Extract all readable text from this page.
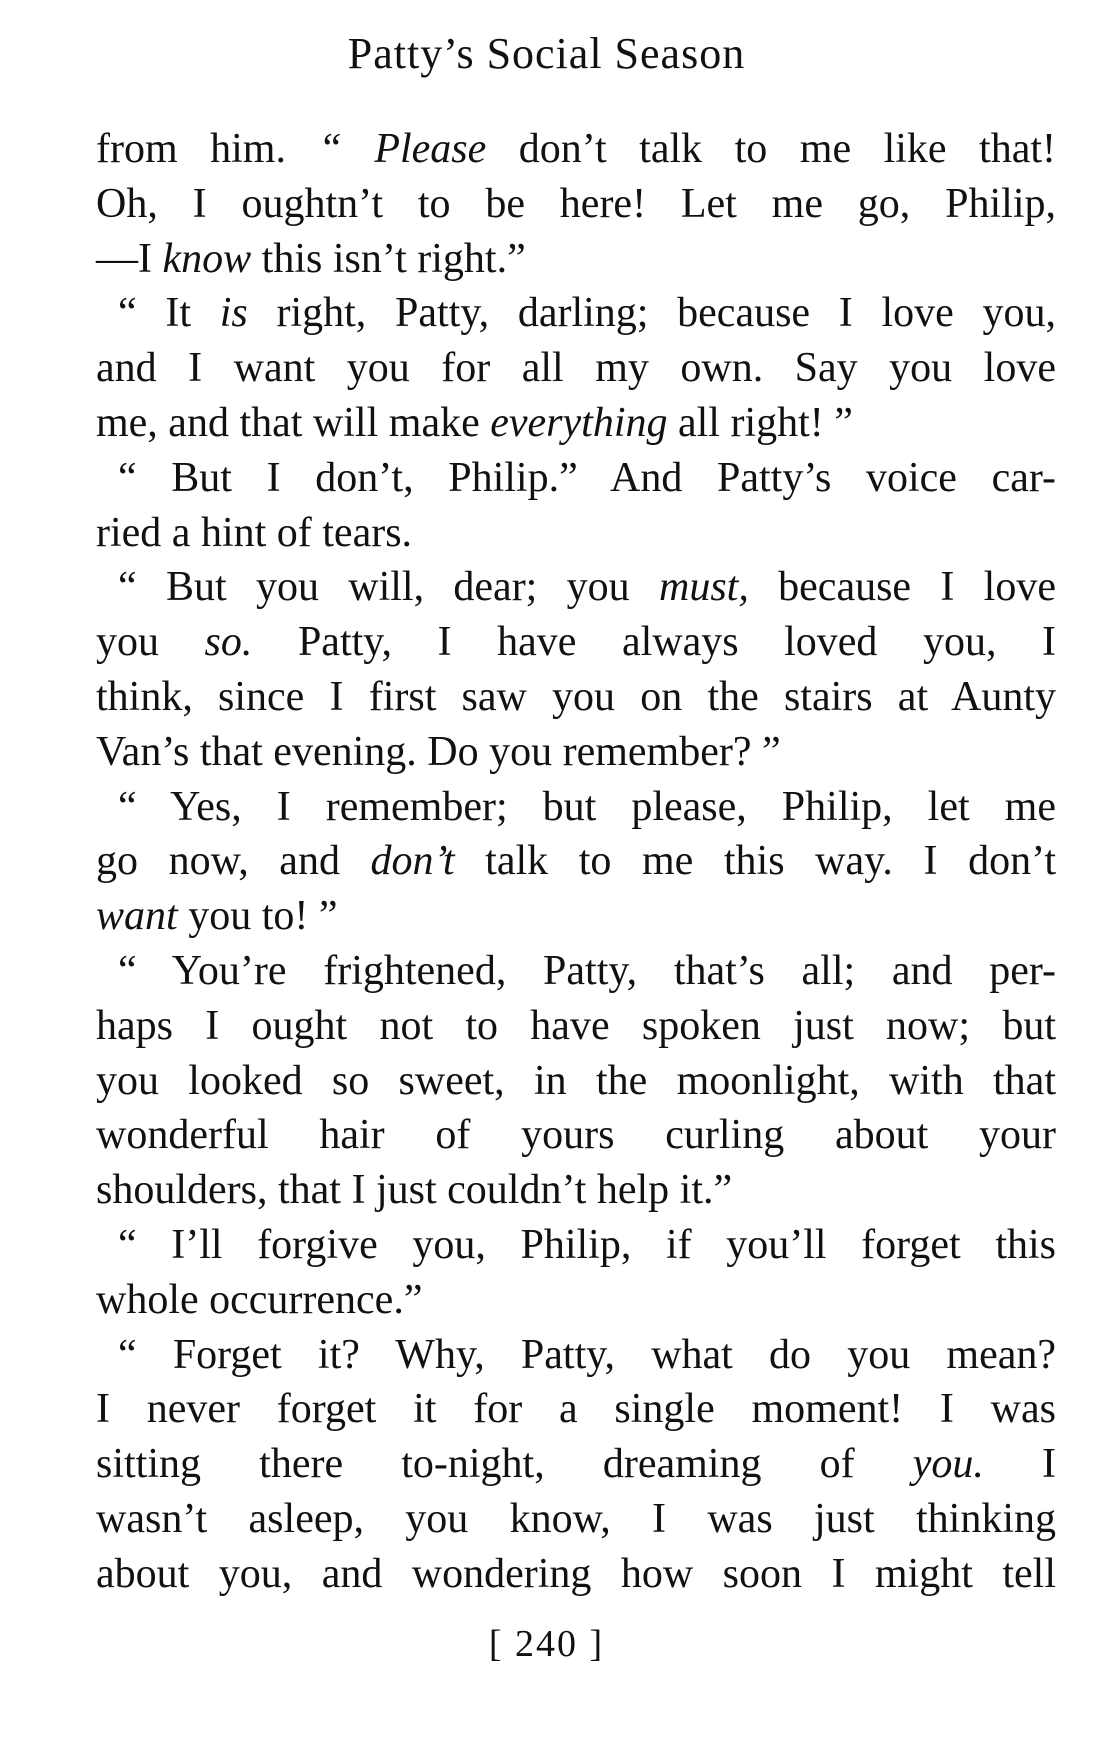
Patty’s Social Season
from him. “ Please don’t talk to me like that!
Oh, I oughtn’t to be here! Let me go, Philip,
—I know this isn’t right.”
“ It is right, Patty, darling; because I love you,
and I want you for all my own. Say you love
me, and that will make everything all right! ”
“ But I don’t, Philip.” And Patty’s voice car-
ried a hint of tears.
“ But you will, dear; you must, because I love
you so. Patty, I have always loved you, I
think, since I first saw you on the stairs at Aunty
Van’s that evening. Do you remember? ”
“ Yes, I remember; but please, Philip, let me
go now, and don’t talk to me this way. I don’t
want you to! ”
“ You’re frightened, Patty, that’s all; and per-
haps I ought not to have spoken just now; but
you looked so sweet, in the moonlight, with that
wonderful hair of yours curling about your
shoulders, that I just couldn’t help it.”
“ I’ll forgive you, Philip, if you’ll forget this
whole occurrence.”
“ Forget it? Why, Patty, what do you mean?
I never forget it for a single moment! I was
sitting there to-night, dreaming of you. I
wasn’t asleep, you know, I was just thinking
about you, and wondering how soon I might tell
[ 240 ]
